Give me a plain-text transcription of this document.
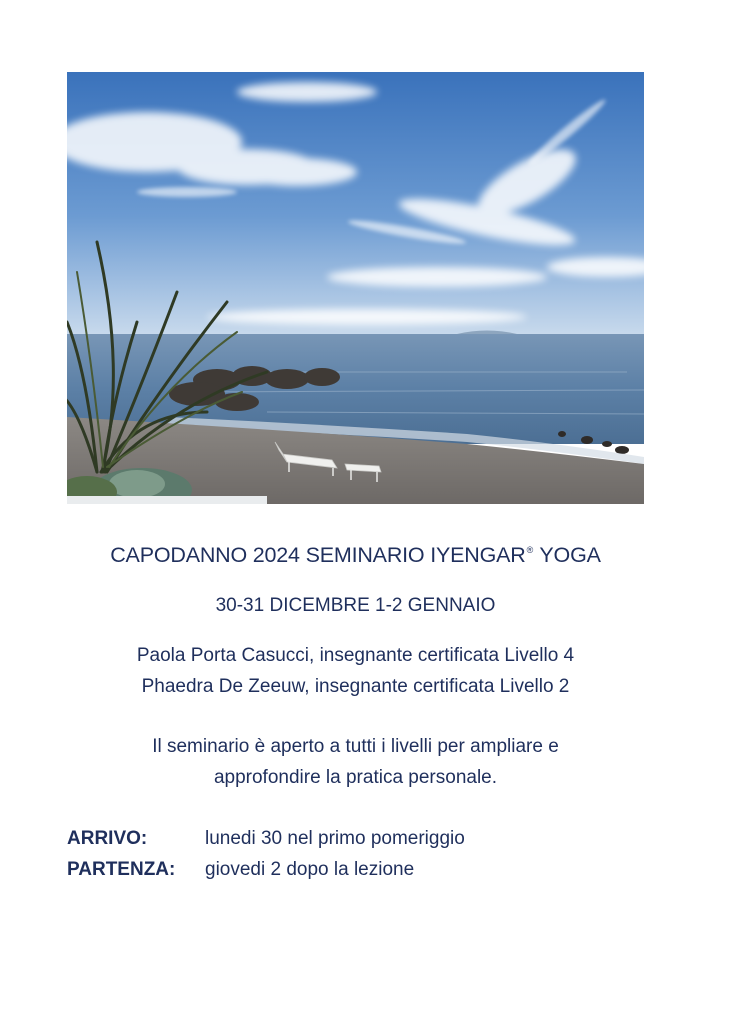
CAPODANNO 2024 SEMINARIO IYENGAR® YOGA
30-31 DICEMBRE 1-2 GENNAIO
Paola Porta Casucci, insegnante certificata Livello 4
Phaedra De Zeeuw, insegnante certificata Livello 2
Il seminario è aperto a tutti i livelli per ampliare e
approfondire la pratica personale.
ARRIVO:	lunedi 30 nel primo pomeriggio
PARTENZA: giovedi 2 dopo la lezione
